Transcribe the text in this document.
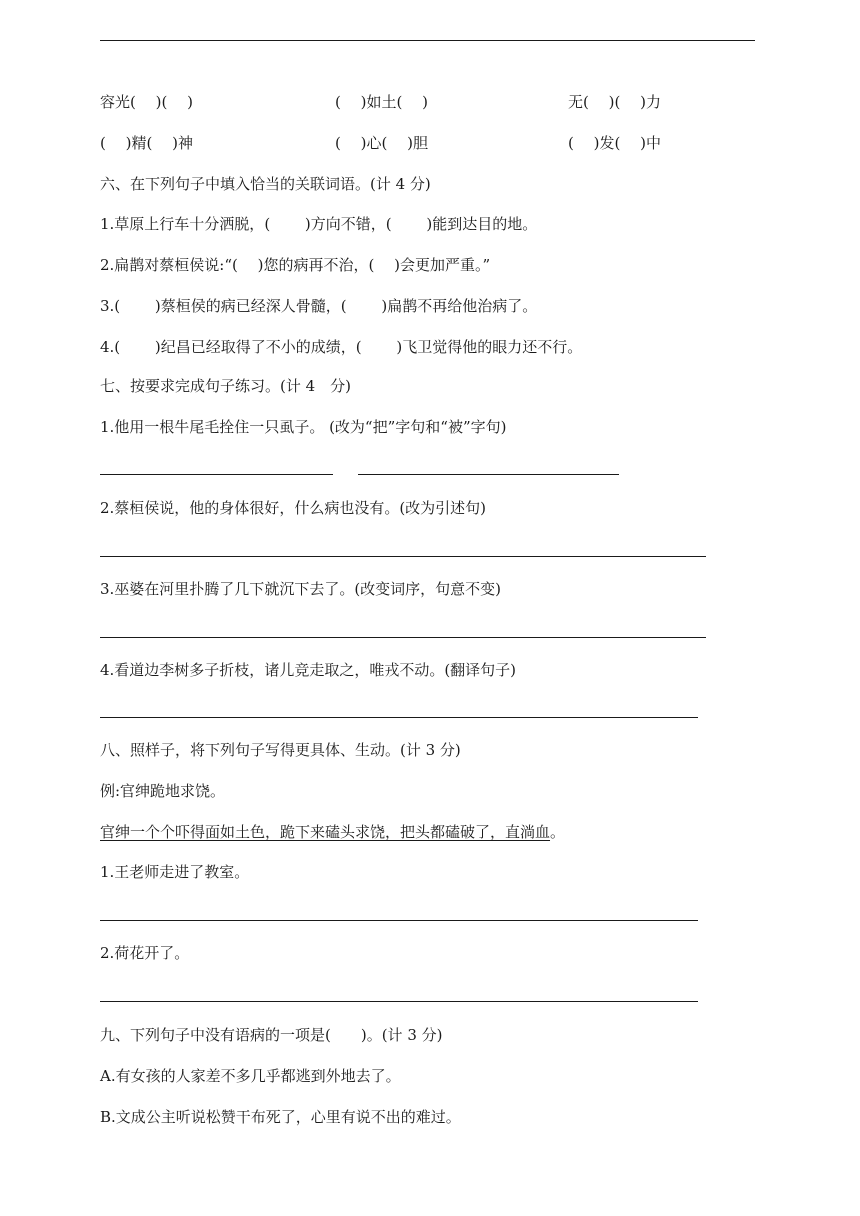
容光(　 )(　 )	(　 )如土(　 )	无(　 )(　 )力
(　 )精(　 )神	(　 )心(　 )胆	(　 )发(　 )中
六、在下列句子中填入恰当的关联词语。(计 4 分)
1.草原上行车十分洒脱，(　　 )方向不错，(　　 )能到达目的地。
2.扁鹊对蔡桓侯说:“(　 )您的病再不治，(　 )会更加严重。”
3.(　　 )蔡桓侯的病已经深人骨髓，(　　 )扁鹊不再给他治病了。
4.(　　 )纪昌已经取得了不小的成绩，(　　 )飞卫觉得他的眼力还不行。
七、按要求完成句子练习。(计 4　分)
1.他用一根牛尾毛拴住一只虱子。 (改为“把”字句和“被”字句)
2.蔡桓侯说，他的身体很好，什么病也没有。(改为引述句)
3.巫婆在河里扑腾了几下就沉下去了。(改变词序，句意不变)
4.看道边李树多子折枝，诸儿竞走取之，唯戎不动。(翻译句子)
八、照样子，将下列句子写得更具体、生动。(计 3 分)
例:官绅跪地求饶。
官绅一个个吓得面如土色，跪下来磕头求饶，把头都磕破了，直淌血。
1.王老师走进了教室。
2.荷花开了。
九、下列句子中没有语病的一项是(　　)。(计 3 分)
A.有女孩的人家差不多几乎都逃到外地去了。
B.文成公主听说松赞干布死了，心里有说不出的难过。
